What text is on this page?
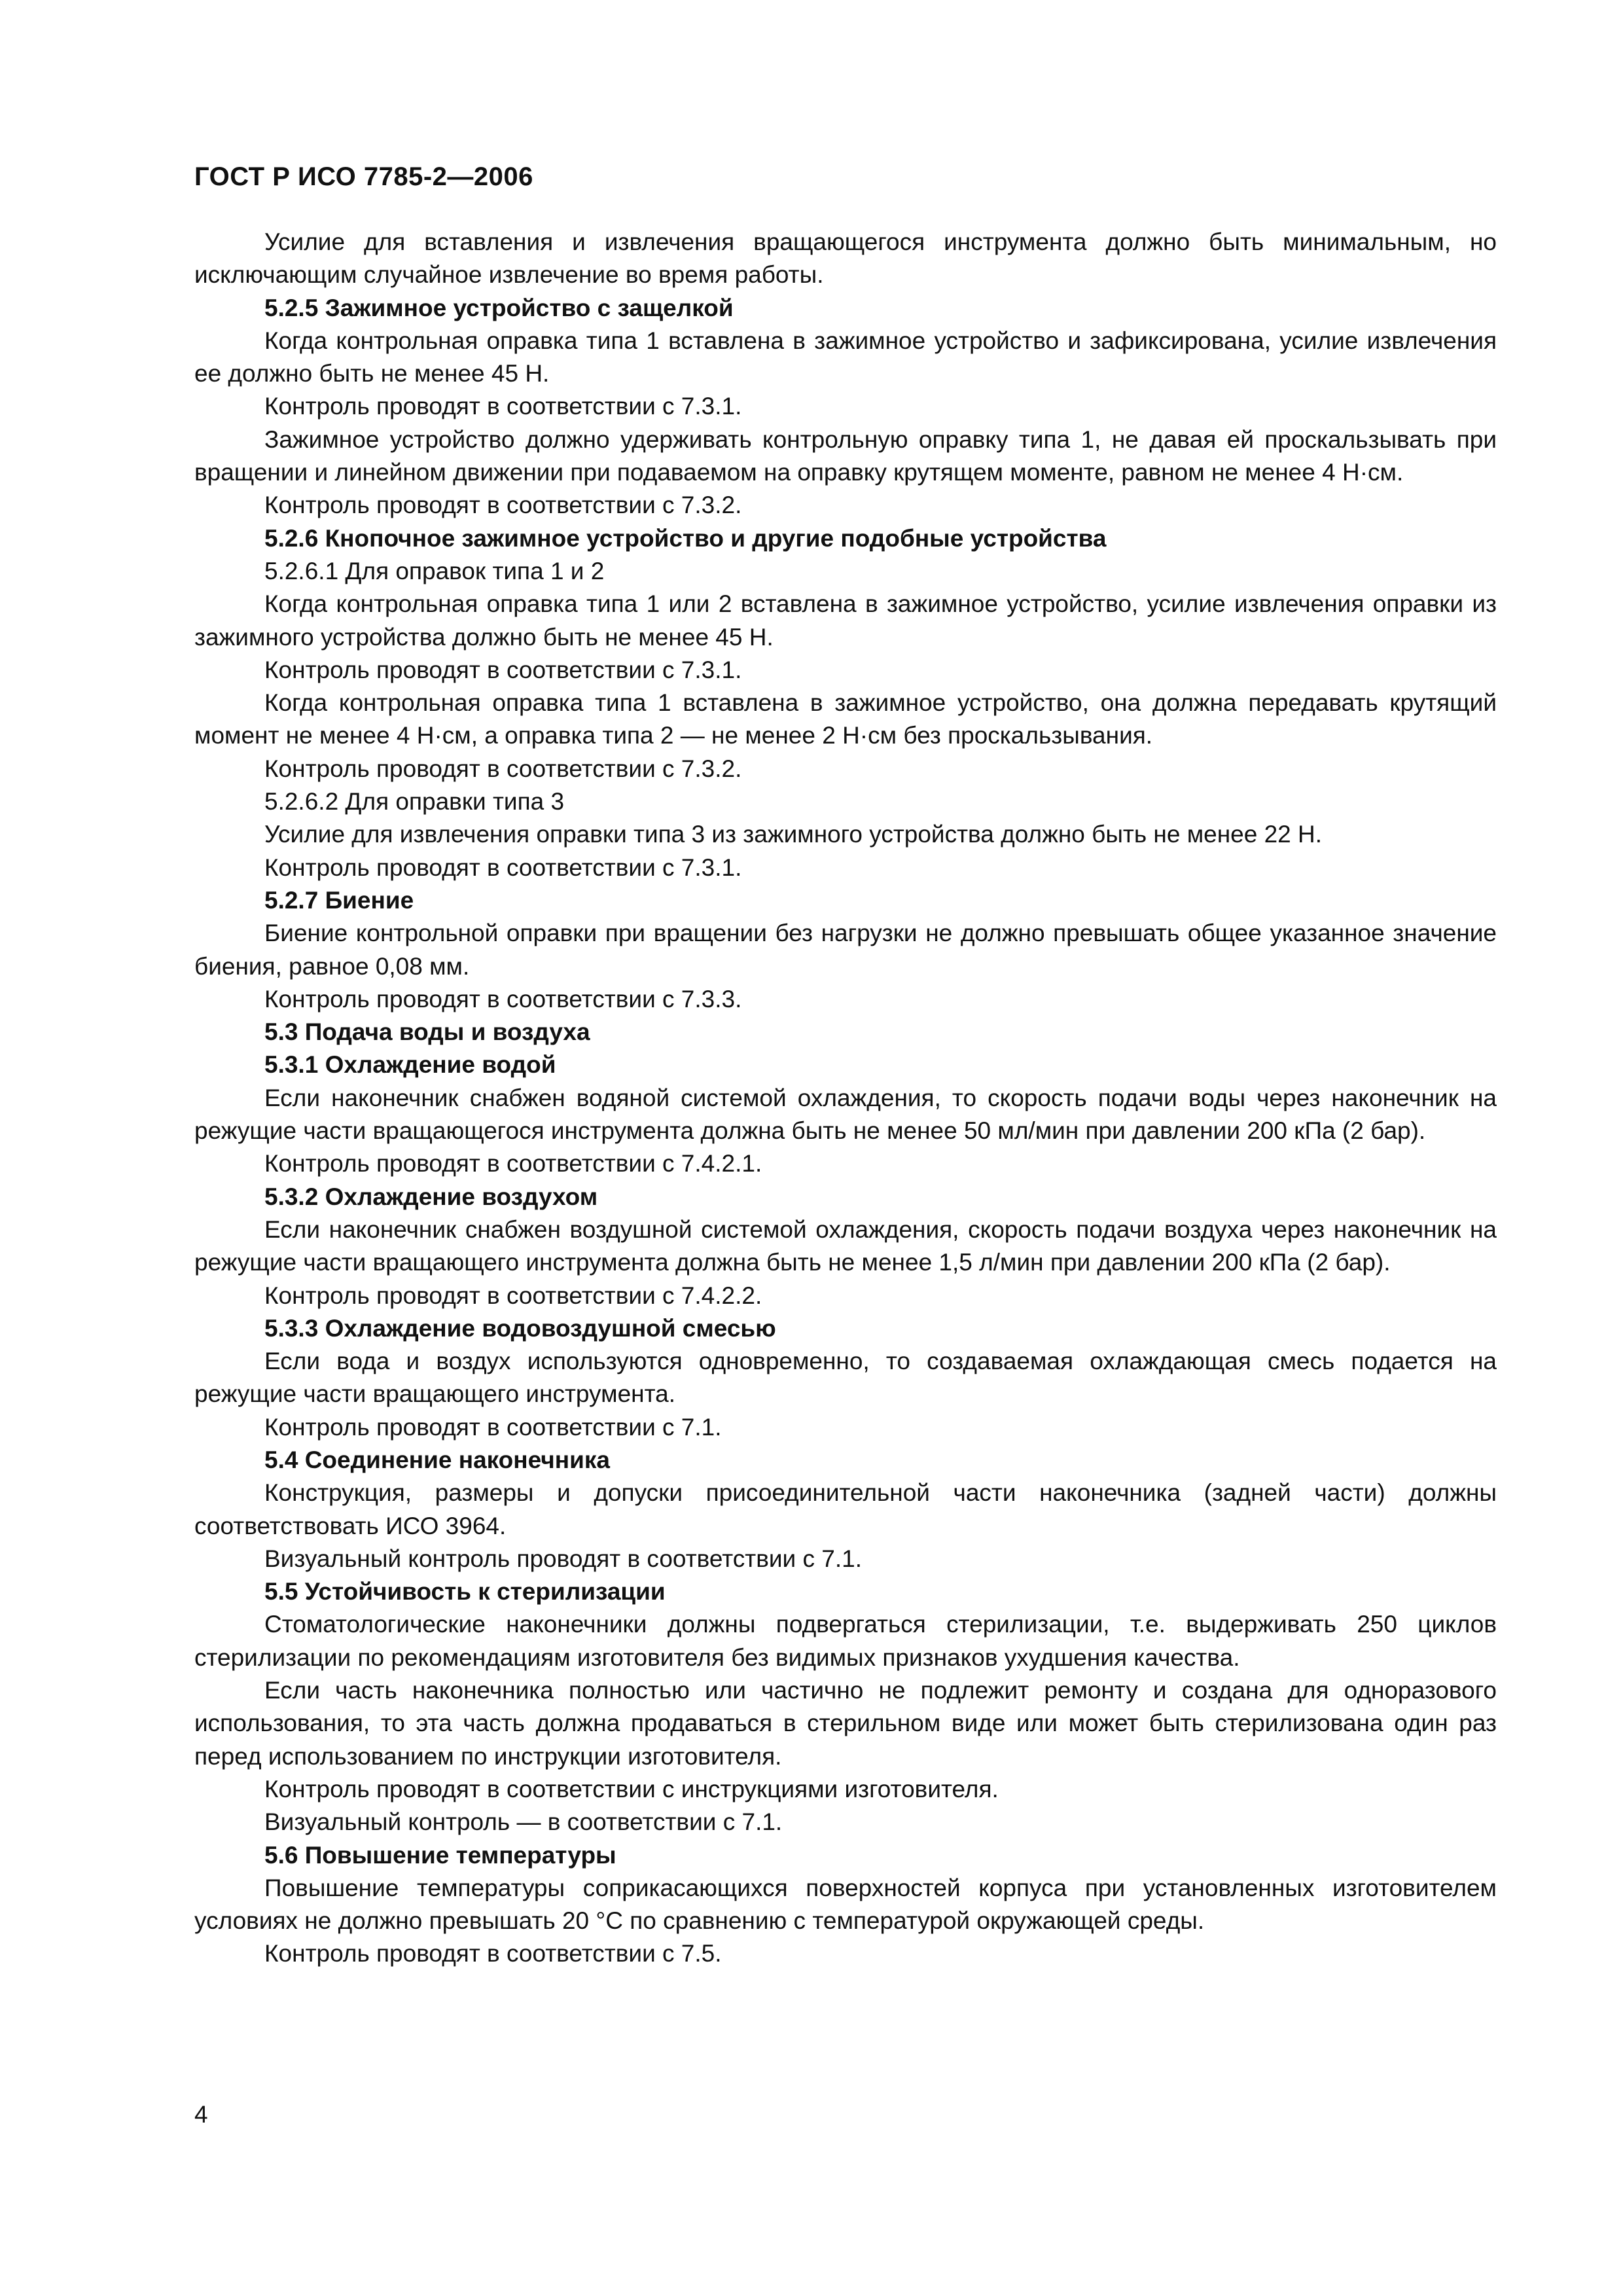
ГОСТ Р ИСО 7785-2—2006

Усилие для вставления и извлечения вращающегося инструмента должно быть минимальным, но исключающим случайное извлечение во время работы.

5.2.5 Зажимное устройство с защелкой

Когда контрольная оправка типа 1 вставлена в зажимное устройство и зафиксирована, усилие извлечения ее должно быть не менее 45 Н.

Контроль проводят в соответствии с 7.3.1.

Зажимное устройство должно удерживать контрольную оправку типа 1, не давая ей проскальзывать при вращении и линейном движении при подаваемом на оправку крутящем моменте, равном не менее 4 Н·см.

Контроль проводят в соответствии с 7.3.2.

5.2.6 Кнопочное зажимное устройство и другие подобные устройства

5.2.6.1 Для оправок типа 1 и 2

Когда контрольная оправка типа 1 или 2 вставлена в зажимное устройство, усилие извлечения оправки из зажимного устройства должно быть не менее 45 Н.

Контроль проводят в соответствии с 7.3.1.

Когда контрольная оправка типа 1 вставлена в зажимное устройство, она должна передавать крутящий момент не менее 4 Н·см, а оправка типа 2 — не менее 2 Н·см без проскальзывания.

Контроль проводят в соответствии с 7.3.2.

5.2.6.2 Для оправки типа 3

Усилие для извлечения оправки типа 3 из зажимного устройства должно быть не менее 22 Н.

Контроль проводят в соответствии с 7.3.1.

5.2.7 Биение

Биение контрольной оправки при вращении без нагрузки не должно превышать общее указанное значение биения, равное 0,08 мм.

Контроль проводят в соответствии с 7.3.3.

5.3 Подача воды и воздуха

5.3.1 Охлаждение водой

Если наконечник снабжен водяной системой охлаждения, то скорость подачи воды через наконечник на режущие части вращающегося инструмента должна быть не менее 50 мл/мин при давлении 200 кПа (2 бар).

Контроль проводят в соответствии с 7.4.2.1.

5.3.2 Охлаждение воздухом

Если наконечник снабжен воздушной системой охлаждения, скорость подачи воздуха через наконечник на режущие части вращающего инструмента должна быть не менее 1,5 л/мин при давлении 200 кПа (2 бар).

Контроль проводят в соответствии с 7.4.2.2.

5.3.3 Охлаждение водовоздушной смесью

Если вода и воздух используются одновременно, то создаваемая охлаждающая смесь подается на режущие части вращающего инструмента.

Контроль проводят в соответствии с 7.1.

5.4 Соединение наконечника

Конструкция, размеры и допуски присоединительной части наконечника (задней части) должны соответствовать ИСО 3964.

Визуальный контроль проводят в соответствии с 7.1.

5.5 Устойчивость к стерилизации

Стоматологические наконечники должны подвергаться стерилизации, т.е. выдерживать 250 циклов стерилизации по рекомендациям изготовителя без видимых признаков ухудшения качества.

Если часть наконечника полностью или частично не подлежит ремонту и создана для одноразового использования, то эта часть должна продаваться в стерильном виде или может быть стерилизована один раз перед использованием по инструкции изготовителя.

Контроль проводят в соответствии с инструкциями изготовителя.

Визуальный контроль — в соответствии с 7.1.

5.6 Повышение температуры

Повышение температуры соприкасающихся поверхностей корпуса при установленных изготовителем условиях не должно превышать 20 °С по сравнению с температурой окружающей среды.

Контроль проводят в соответствии с 7.5.

4
